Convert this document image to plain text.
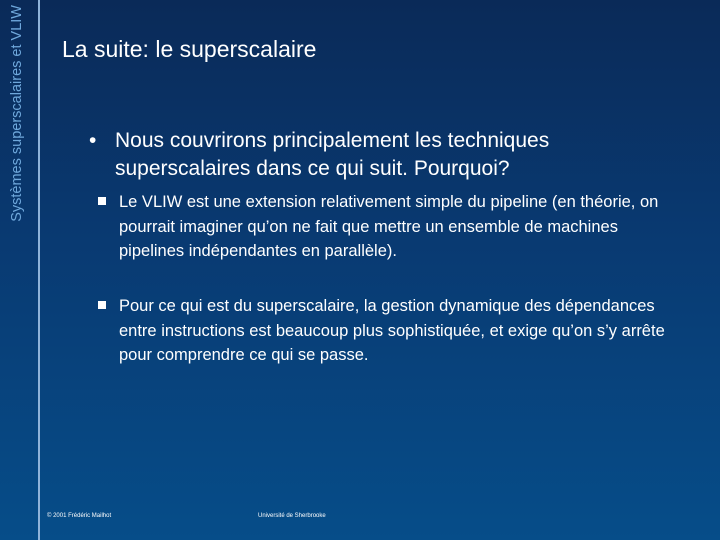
Systèmes superscalaires et VLIW La suite: le superscalaire
• Nous couvrirons principalement les techniques superscalaires dans ce qui suit. Pourquoi?
Le VLIW est une extension relativement simple du pipeline (en théorie, on pourrait imaginer qu’on ne fait que mettre un ensemble de machines pipelines indépendantes en parallèle).
Pour ce qui est du superscalaire, la gestion dynamique des dépendances entre instructions est beaucoup plus sophistiquée, et exige qu’on s’y arrête pour comprendre ce qui se passe.
© 2001 Frédéric Mailhot	Université de Sherbrooke
